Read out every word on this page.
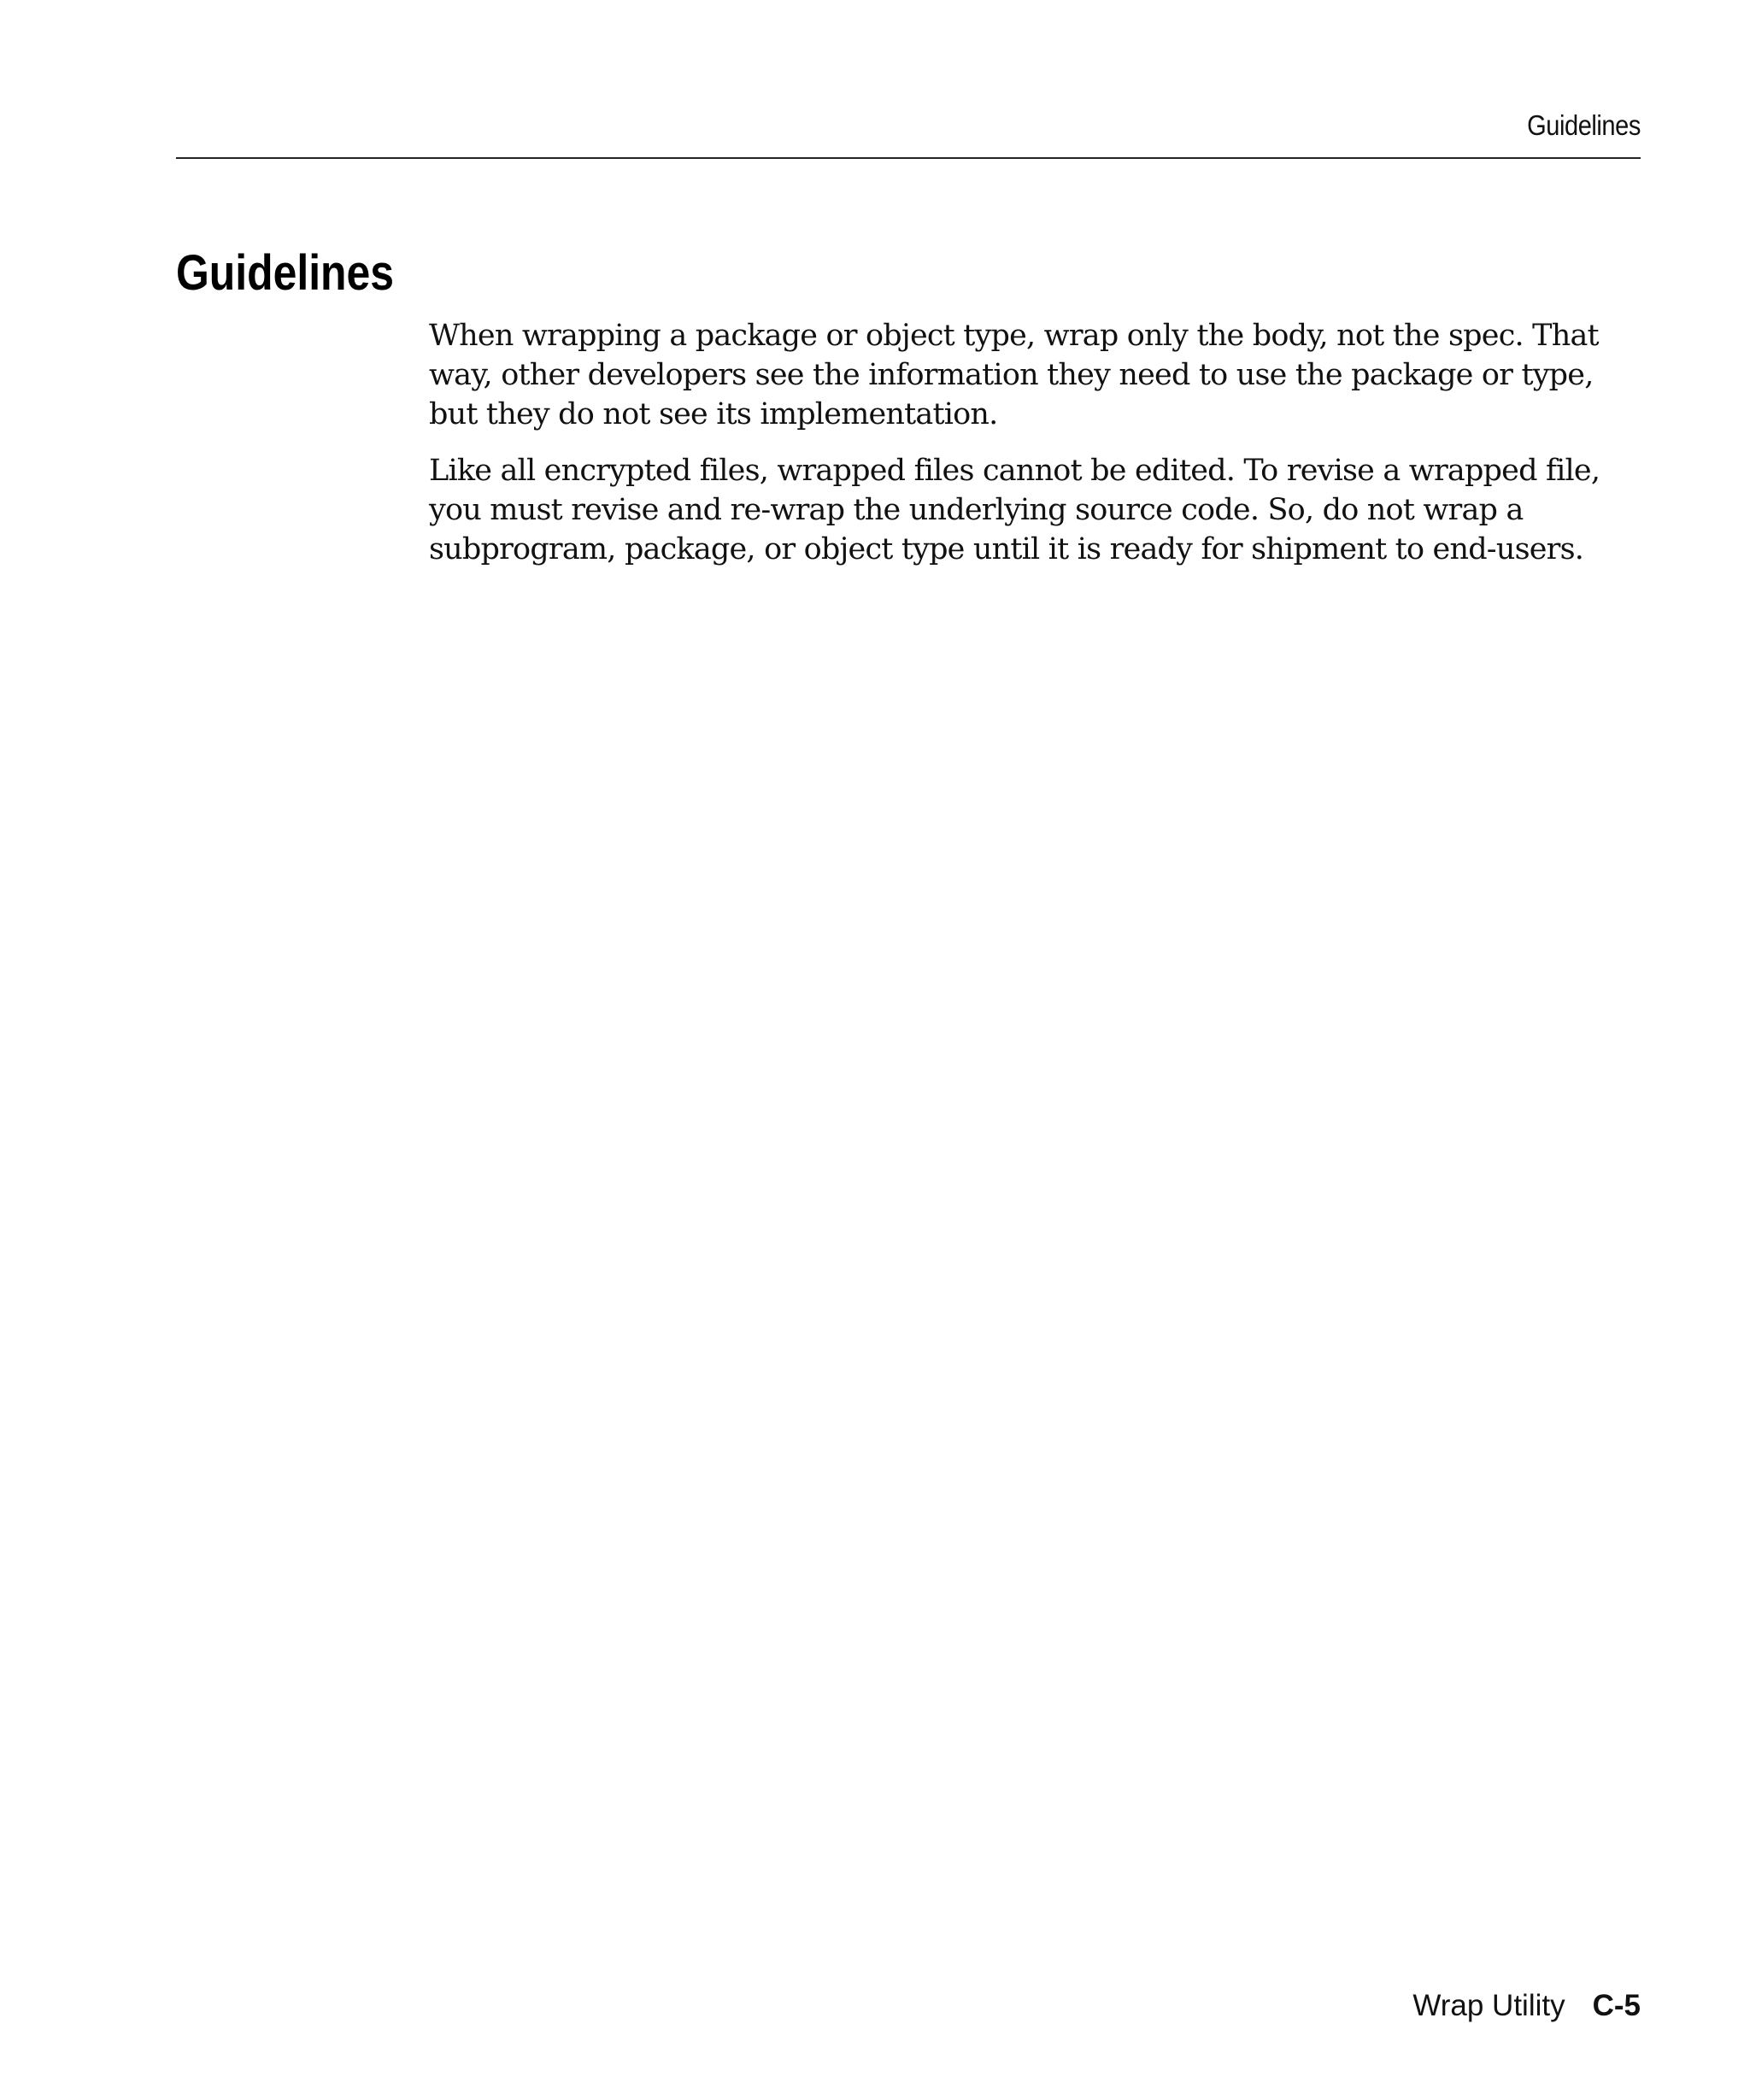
Guidelines
Guidelines

When wrapping a package or object type, wrap only the body, not the spec. That way, other developers see the information they need to use the package or type, but they do not see its implementation.

Like all encrypted files, wrapped files cannot be edited. To revise a wrapped file, you must revise and re-wrap the underlying source code. So, do not wrap a subprogram, package, or object type until it is ready for shipment to end-users.

Wrap Utility C-5
